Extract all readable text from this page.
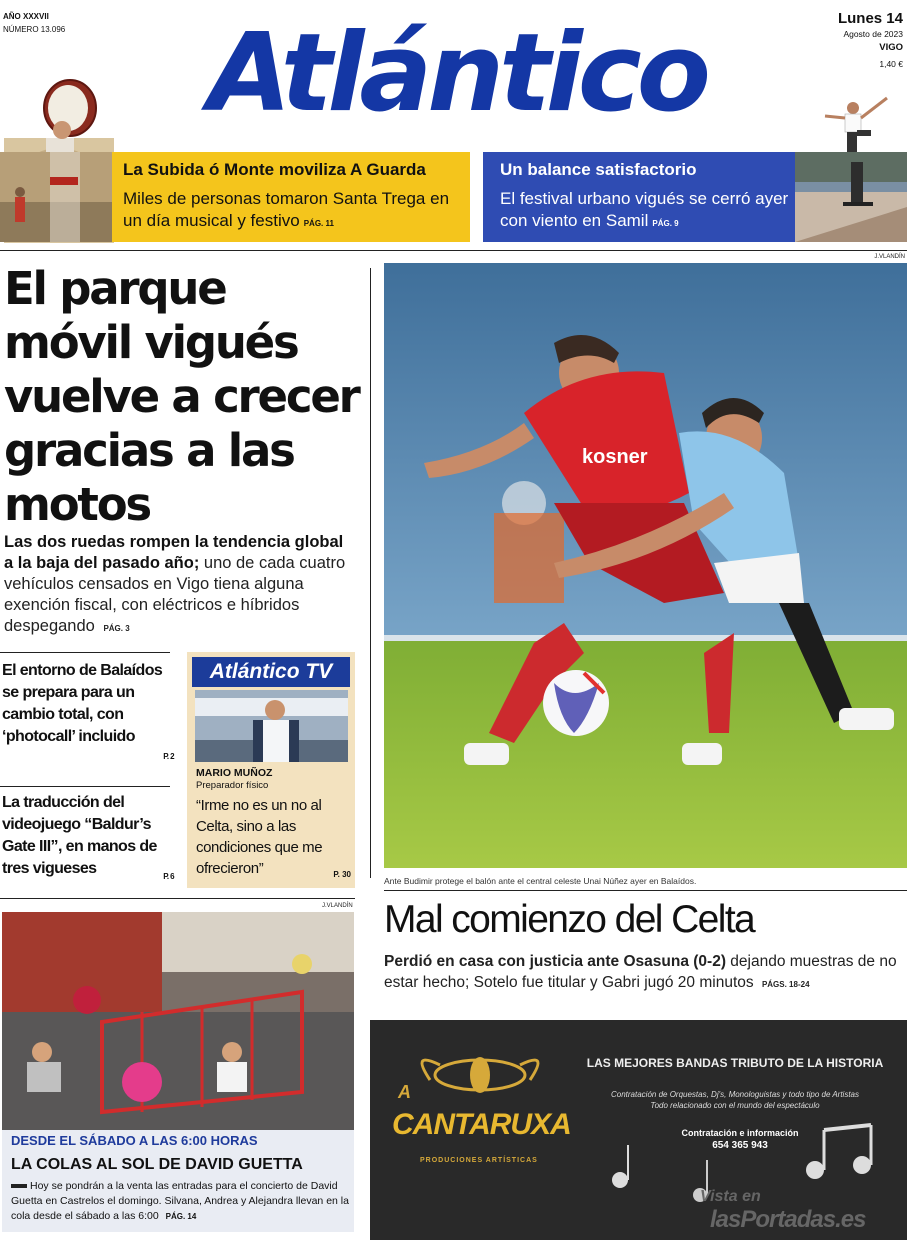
AÑO XXXVII
NÚMERO 13.096	Atlántico	Lunes 14
Agosto de 2023
VIGO
1,40 €
La Subida ó Monte moviliza A Guarda

Miles de personas tomaron Santa Trega en un día musical y festivo PÁG. 11

Un balance satisfactorio

El festival urbano vigués se cerró ayer con viento en Samil PÁG. 9

El parque móvil vigués vuelve a crecer gracias a las motos
Las dos ruedas rompen la tendencia global a la baja del pasado año; uno de cada cuatro vehículos censados en Vigo tiena alguna exención fiscal, con eléctricos e híbridos despegando PÁG. 3
El entorno de Balaídos se prepara para un cambio total, con ‘photocall’ incluido
P. 2
La traducción del videojuego “Baldur’s Gate III”, en manos de tres vigueses	P. 6
Atlántico TV
MARIO MUÑOZ
Preparador físico
“Irme no es un no al Celta, sino a las condiciones que me ofrecieron”	P. 30
J.VLANDÍN
kosner
Ante Budimir protege el balón ante el central celeste Unai Núñez ayer en Balaídos.
Mal comienzo del Celta
Perdió en casa con justicia ante Osasuna (0-2) dejando muestras de no estar hecho; Sotelo fue titular y Gabri jugó 20 minutos PÁGS. 18-24
J.VLANDÍN
DESDE EL SÁBADO A LAS 6:00 HORAS
LA COLAS AL SOL DE DAVID GUETTA
Hoy se pondrán a la venta las entradas para el concierto de David Guetta en Castrelos el domingo. Silvana, Andrea y Alejandra llevan en la cola desde el sábado a las 6:00 PÁG. 14
A
CANTARUXA
PRODUCIONES ARTÍSTICAS
LAS MEJORES BANDAS TRIBUTO DE LA HISTORIA
Contratación de Orquestas, Dj's, Monologuistas y todo tipo de Artistas
Todo relacionado con el mundo del espectáculo
Contratación e información
654 365 943
Vista en
lasPortadas.es
